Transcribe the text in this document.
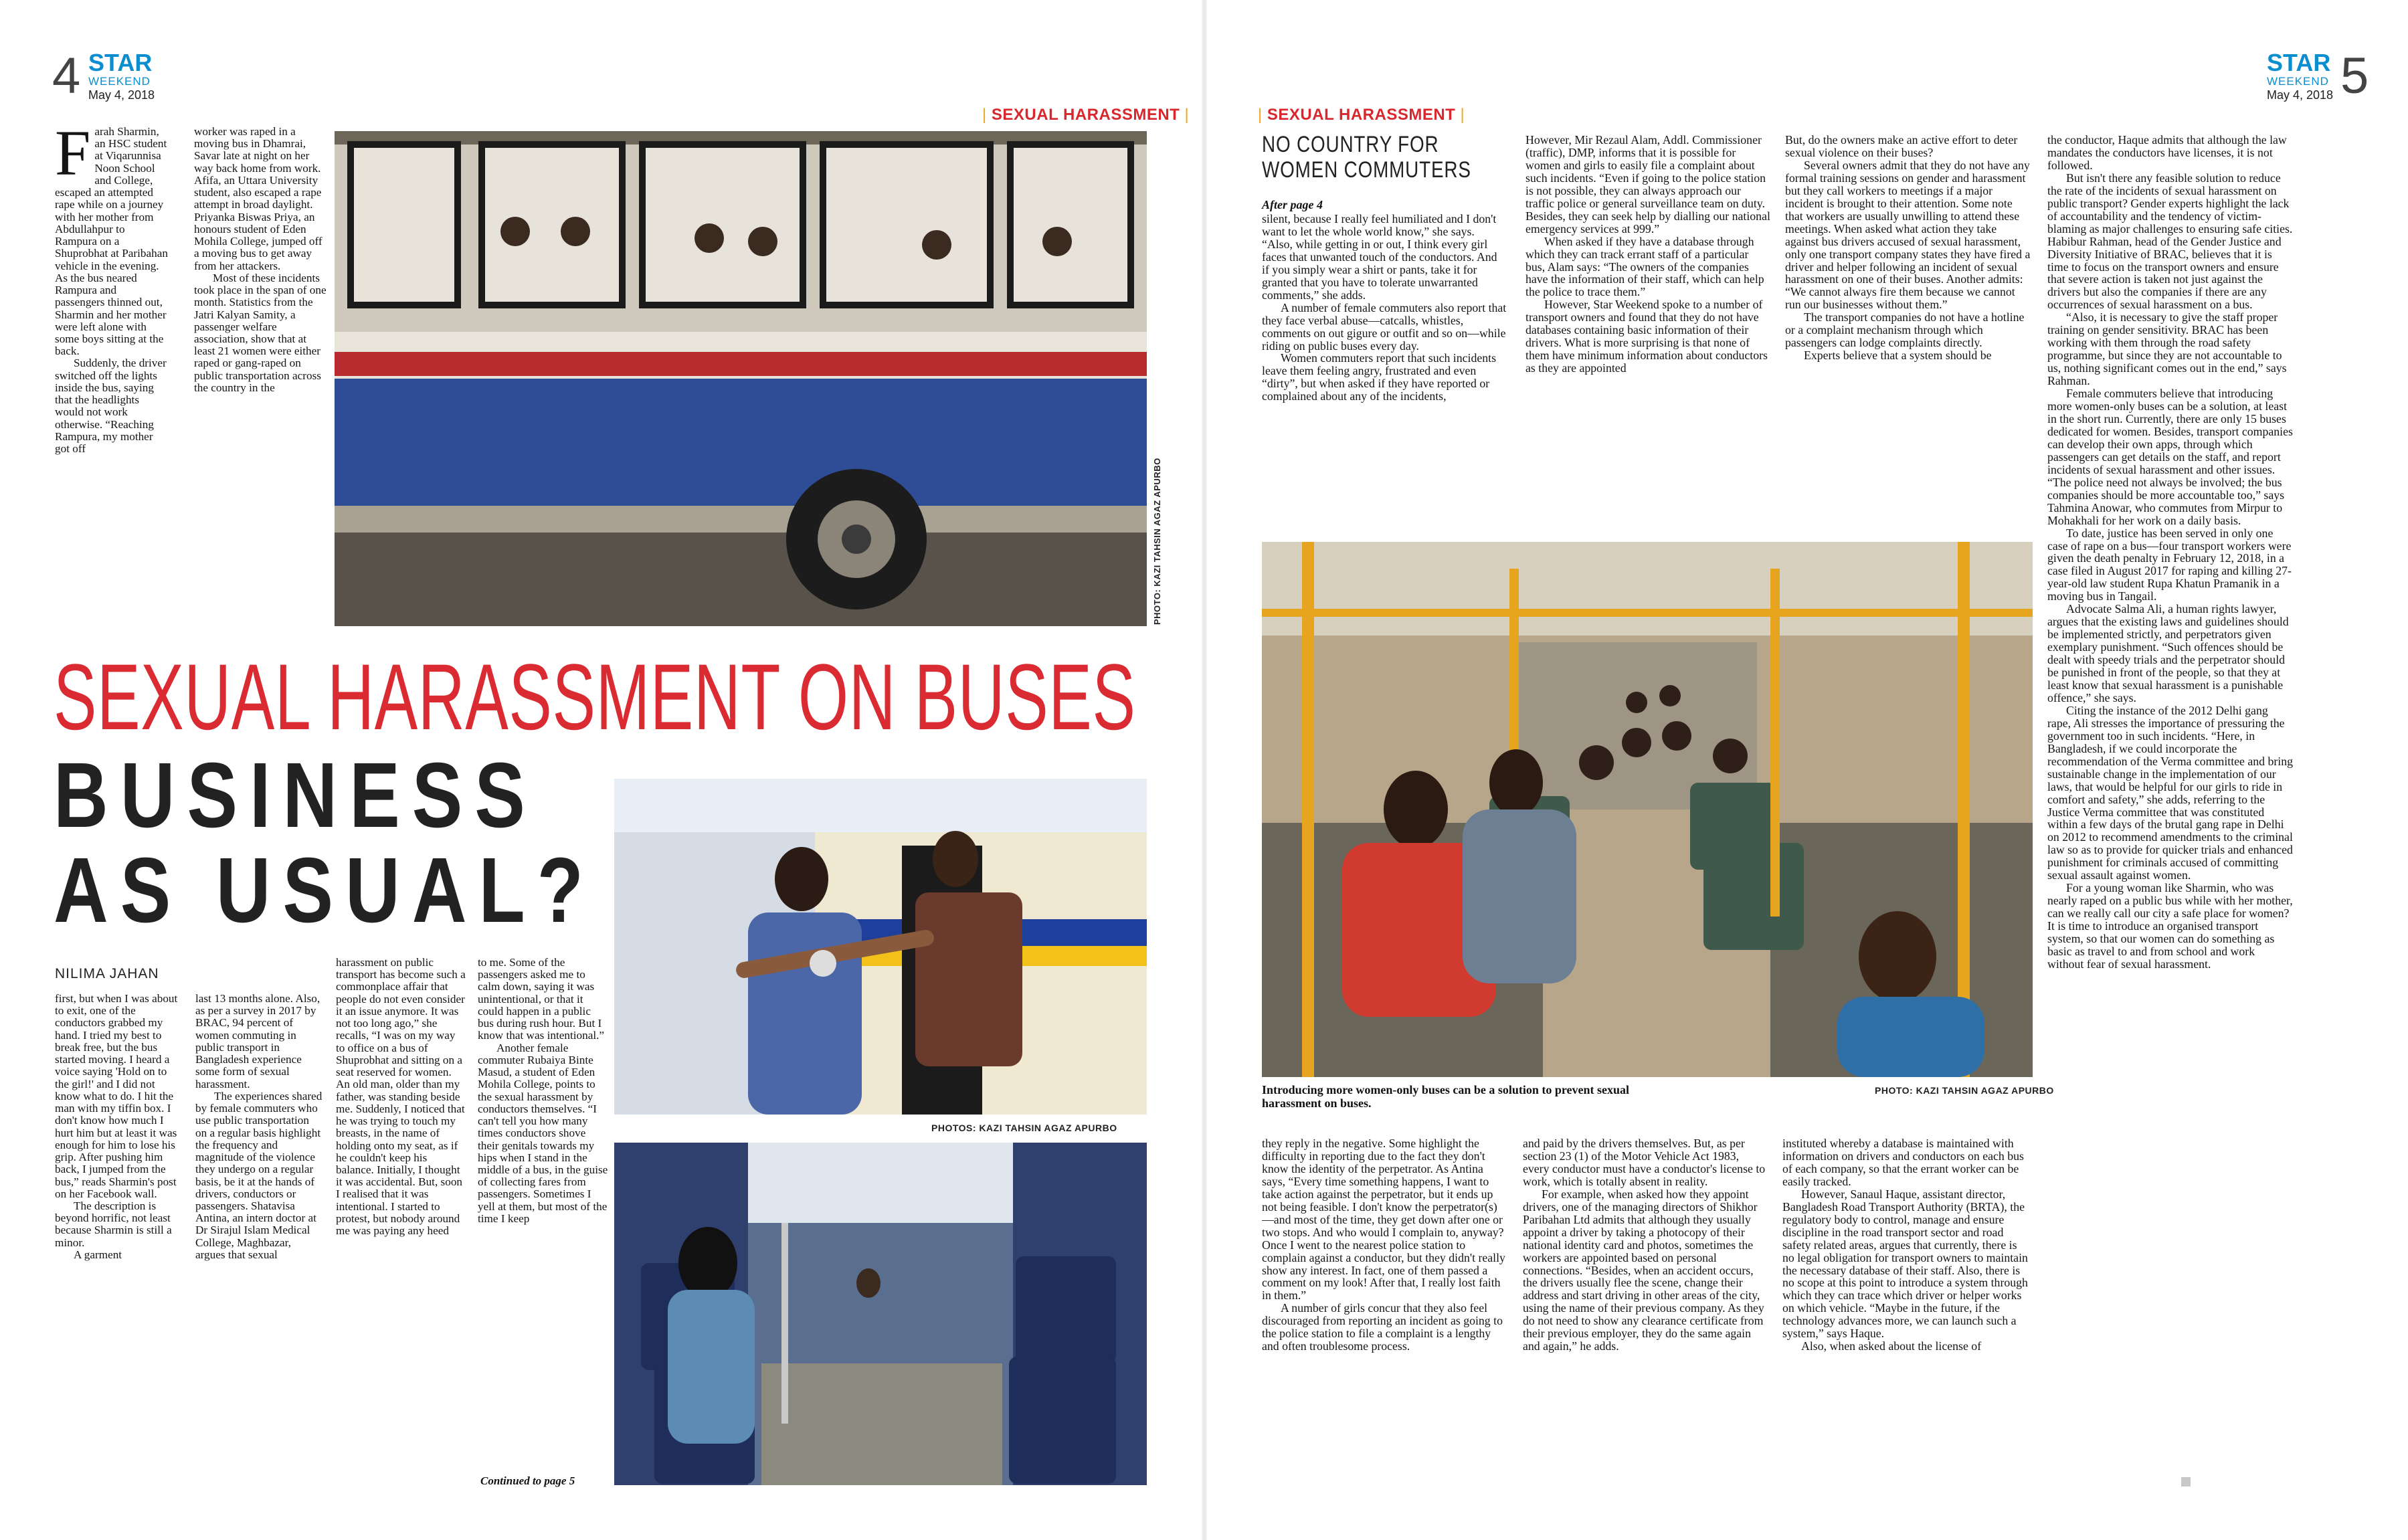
4 STAR
WEEKEND
May 4, 2018
| SEXUAL HARASSMENT |

Farah Sharmin, an HSC student at Viqarunnisa Noon School and College, escaped an attempted rape while on a journey with her mother from Abdullahpur to Rampura on a Shuprobhat at Paribahan vehicle in the evening. As the bus neared Rampura and passengers thinned out, Sharmin and her mother were left alone with some boys sitting at the back.

Suddenly, the driver switched off the lights inside the bus, saying that the headlights would not work otherwise. “Reaching Rampura, my mother got off

worker was raped in a moving bus in Dhamrai, Savar late at night on her way back home from work. Afifa, an Uttara University student, also escaped a rape attempt in broad daylight. Priyanka Biswas Priya, an honours student of Eden Mohila College, jumped off a moving bus to get away from her attackers.

Most of these incidents took place in the span of one month. Statistics from the Jatri Kalyan Samity, a passenger welfare association, show that at least 21 women were either raped or gang-raped on public transportation across the country in the

PHOTO: KAZI TAHSIN AGAZ APURBO
SEXUAL HARASSMENT ON BUSES
BUSINESS
AS USUAL?
NILIMA JAHAN
PHOTOS: KAZI TAHSIN AGAZ APURBO

first, but when I was about to exit, one of the conductors grabbed my hand. I tried my best to break free, but the bus started moving. I heard a voice saying 'Hold on to the girl!' and I did not know what to do. I hit the man with my tiffin box. I don't know how much I hurt him but at least it was enough for him to lose his grip. After pushing him back, I jumped from the bus,” reads Sharmin's post on her Facebook wall.

The description is beyond horrific, not least because Sharmin is still a minor.

A garment

last 13 months alone. Also, as per a survey in 2017 by BRAC, 94 percent of women commuting in public transport in Bangladesh experience some form of sexual harassment.

The experiences shared by female commuters who use public transportation on a regular basis highlight the frequency and magnitude of the violence they undergo on a regular basis, be it at the hands of drivers, conductors or passengers. Shatavisa Antina, an intern doctor at Dr Sirajul Islam Medical College, Maghbazar, argues that sexual

harassment on public transport has become such a commonplace affair that people do not even consider it an issue anymore. It was not too long ago,” she recalls, “I was on my way to office on a bus of Shuprobhat and sitting on a seat reserved for women. An old man, older than my father, was standing beside me. Suddenly, I noticed that he was trying to touch my breasts, in the name of holding onto my seat, as if he couldn't keep his balance. Initially, I thought it was accidental. But, soon I realised that it was intentional. I started to protest, but nobody around me was paying any heed

to me. Some of the passengers asked me to calm down, saying it was unintentional, or that it could happen in a public bus during rush hour. But I know that was intentional.”

Another female commuter Rubaiya Binte Masud, a student of Eden Mohila College, points to the sexual harassment by conductors themselves. “I can't tell you how many times conductors shove their genitals towards my hips when I stand in the middle of a bus, in the guise of collecting fares from passengers. Sometimes I yell at them, but most of the time I keep

Continued to page 5
STAR
WEEKEND
May 4, 2018 5
| SEXUAL HARASSMENT |
NO COUNTRY FOR
WOMEN COMMUTERS
After page 4

silent, because I really feel humiliated and I don't want to let the whole world know,” she says. “Also, while getting in or out, I think every girl faces that unwanted touch of the conductors. And if you simply wear a shirt or pants, take it for granted that you have to tolerate unwarranted comments,” she adds.

A number of female commuters also report that they face verbal abuse—catcalls, whistles, comments on out gigure or outfit and so on—while riding on public buses every day.

Women commuters report that such incidents leave them feeling angry, frustrated and even “dirty”, but when asked if they have reported or complained about any of the incidents,

However, Mir Rezaul Alam, Addl. Commissioner (traffic), DMP, informs that it is possible for women and girls to easily file a complaint about such incidents. “Even if going to the police station is not possible, they can always approach our traffic police or general surveillance team on duty. Besides, they can seek help by dialling our national emergency services at 999.”

When asked if they have a database through which they can track errant staff of a particular bus, Alam says: “The owners of the companies have the information of their staff, which can help the police to trace them.”

However, Star Weekend spoke to a number of transport owners and found that they do not have databases containing basic information of their drivers. What is more surprising is that none of them have minimum information about conductors as they are appointed

But, do the owners make an active effort to deter sexual violence on their buses?

Several owners admit that they do not have any formal training sessions on gender and harassment but they call workers to meetings if a major incident is brought to their attention. Some note that workers are usually unwilling to attend these meetings. When asked what action they take against bus drivers accused of sexual harassment, only one transport company states they have fired a driver and helper following an incident of sexual harassment on one of their buses. Another admits: “We cannot always fire them because we cannot run our businesses without them.”

The transport companies do not have a hotline or a complaint mechanism through which passengers can lodge complaints directly.

Experts believe that a system should be

the conductor, Haque admits that although the law mandates the conductors have licenses, it is not followed.

But isn't there any feasible solution to reduce the rate of the incidents of sexual harassment on public transport? Gender experts highlight the lack of accountability and the tendency of victim-blaming as major challenges to ensuring safe cities. Habibur Rahman, head of the Gender Justice and Diversity Initiative of BRAC, believes that it is time to focus on the transport owners and ensure that severe action is taken not just against the drivers but also the companies if there are any occurrences of sexual harassment on a bus.

“Also, it is necessary to give the staff proper training on gender sensitivity. BRAC has been working with them through the road safety programme, but since they are not accountable to us, nothing significant comes out in the end,” says Rahman.

Female commuters believe that introducing more women-only buses can be a solution, at least in the short run. Currently, there are only 15 buses dedicated for women. Besides, transport companies can develop their own apps, through which passengers can get details on the staff, and report incidents of sexual harassment and other issues. “The police need not always be involved; the bus companies should be more accountable too,” says Tahmina Anowar, who commutes from Mirpur to Mohakhali for her work on a daily basis.

To date, justice has been served in only one case of rape on a bus—four transport workers were given the death penalty in February 12, 2018, in a case filed in August 2017 for raping and killing 27-year-old law student Rupa Khatun Pramanik in a moving bus in Tangail.

Advocate Salma Ali, a human rights lawyer, argues that the existing laws and guidelines should be implemented strictly, and perpetrators given exemplary punishment. “Such offences should be dealt with speedy trials and the perpetrator should be punished in front of the people, so that they at least know that sexual harassment is a punishable offence,” she says.

Citing the instance of the 2012 Delhi gang rape, Ali stresses the importance of pressuring the government too in such incidents. “Here, in Bangladesh, if we could incorporate the recommendation of the Verma committee and bring sustainable change in the implementation of our laws, that would be helpful for our girls to ride in comfort and safety,” she adds, referring to the Justice Verma committee that was constituted within a few days of the brutal gang rape in Delhi on 2012 to recommend amendments to the criminal law so as to provide for quicker trials and enhanced punishment for criminals accused of committing sexual assault against women.

For a young woman like Sharmin, who was nearly raped on a public bus while with her mother, can we really call our city a safe place for women? It is time to introduce an organised transport system, so that our women can do something as basic as travel to and from school and work without fear of sexual harassment.

Introducing more women-only buses can be a solution to prevent sexual harassment on buses.
PHOTO: KAZI TAHSIN AGAZ APURBO

they reply in the negative. Some highlight the difficulty in reporting due to the fact they don't know the identity of the perpetrator. As Antina says, “Every time something happens, I want to take action against the perpetrator, but it ends up not being feasible. I don't know the perpetrator(s)—and most of the time, they get down after one or two stops. And who would I complain to, anyway? Once I went to the nearest police station to complain against a conductor, but they didn't really show any interest. In fact, one of them passed a comment on my look! After that, I really lost faith in them.”

A number of girls concur that they also feel discouraged from reporting an incident as going to the police station to file a complaint is a lengthy and often troublesome process.

and paid by the drivers themselves. But, as per section 23 (1) of the Motor Vehicle Act 1983, every conductor must have a conductor's license to work, which is totally absent in reality.

For example, when asked how they appoint drivers, one of the managing directors of Shikhor Paribahan Ltd admits that although they usually appoint a driver by taking a photocopy of their national identity card and photos, sometimes the workers are appointed based on personal connections. “Besides, when an accident occurs, the drivers usually flee the scene, change their address and start driving in other areas of the city, using the name of their previous company. As they do not need to show any clearance certificate from their previous employer, they do the same again and again,” he adds.

instituted whereby a database is maintained with information on drivers and conductors on each bus of each company, so that the errant worker can be easily tracked.

However, Sanaul Haque, assistant director, Bangladesh Road Transport Authority (BRTA), the regulatory body to control, manage and ensure discipline in the road transport sector and road safety related areas, argues that currently, there is no legal obligation for transport owners to maintain the necessary database of their staff. Also, there is no scope at this point to introduce a system through which they can trace which driver or helper works on which vehicle. “Maybe in the future, if the technology advances more, we can launch such a system,” says Haque.

Also, when asked about the license of
